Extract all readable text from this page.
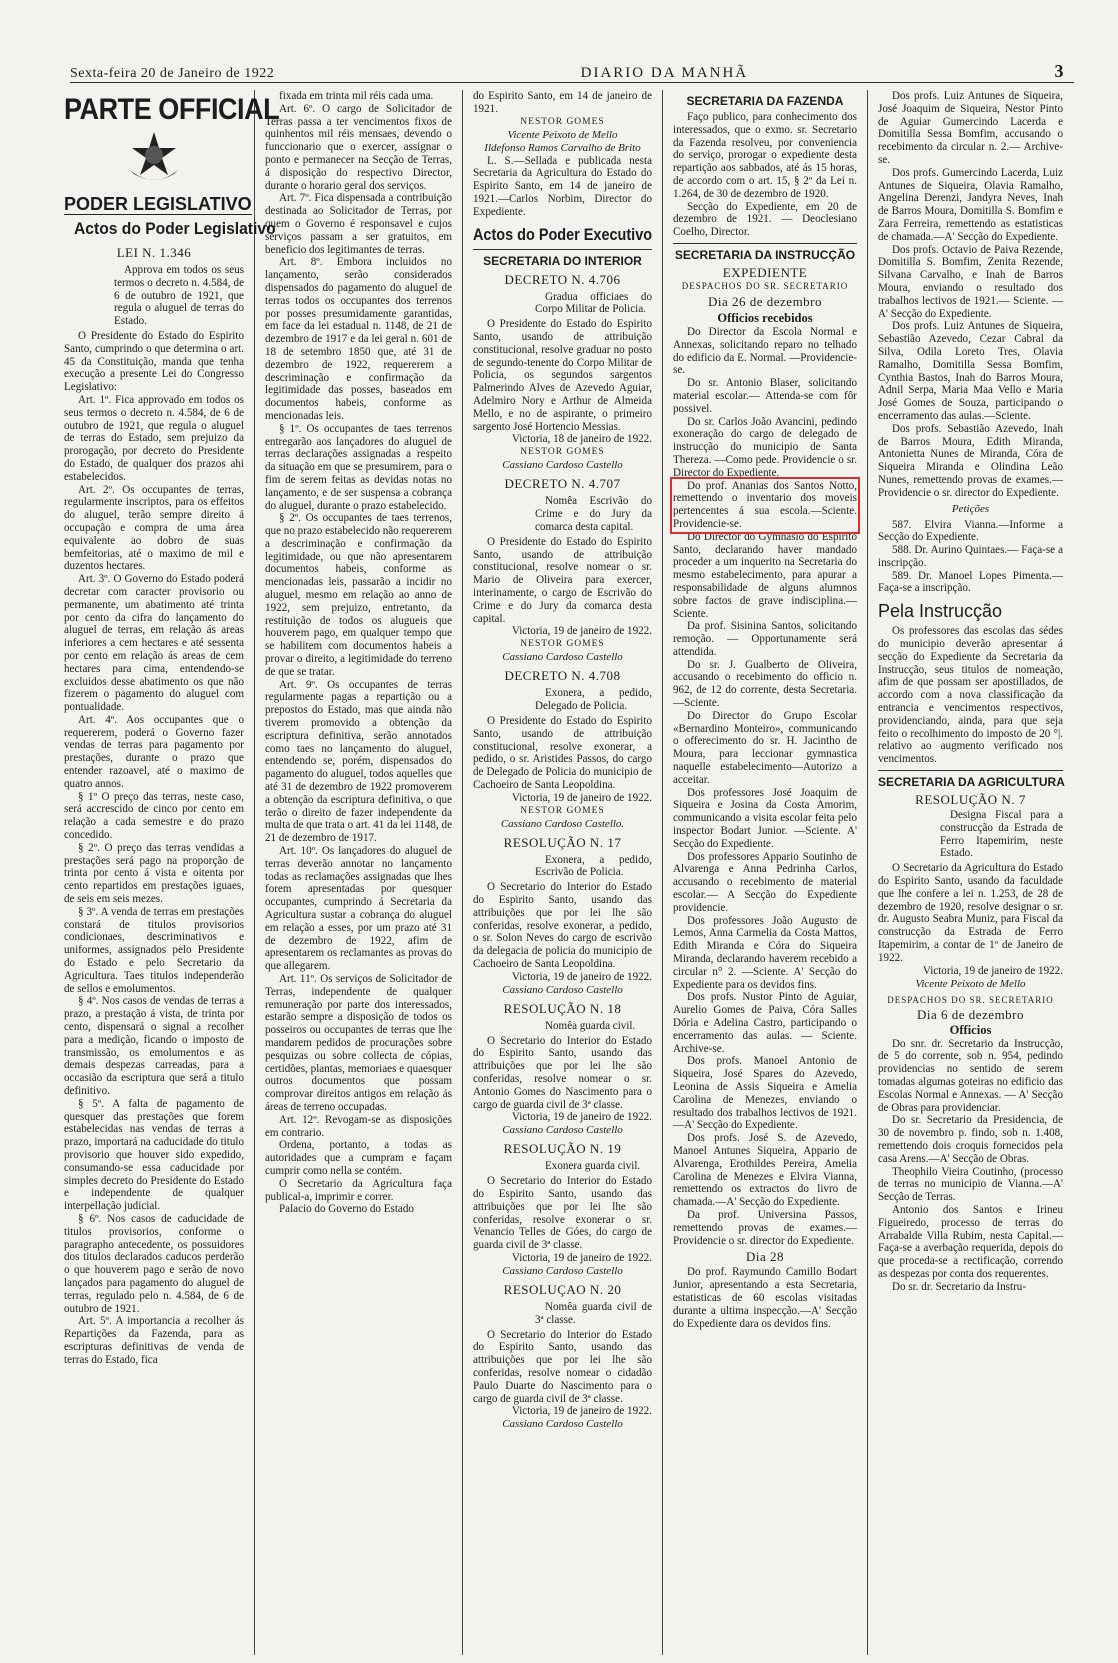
Sexta-feira 20 de Janeiro de 1922	DIARIO DA MANHÃ	3
PARTE OFFICIAL
PODER LEGISLATIVO
Actos do Poder Legislativo
LEI N. 1.346
Approva em todos os seus termos o decreto n. 4.584, de 6 de outubro de 1921, que regula o aluguel de terras do Estado.

O Presidente do Estado do Espirito Santo, cumprindo o que determina o art. 45 da Constituição, manda que tenha execução a presente Lei do Congresso Legislativo:

Art. 1º. Fica approvado em todos os seus termos o decreto n. 4.584, de 6 de outubro de 1921, que regula o aluguel de terras do Estado, sem prejuizo da prorogação, por decreto do Presidente do Estado, de qualquer dos prazos ahi estabelecidos.

Art. 2º. Os occupantes de terras, regularmente inscriptos, para os effeitos do aluguel, terão sempre direito á occupação e compra de uma área equivalente ao dobro de suas bemfeitorias, até o maximo de mil e duzentos hectares.

Art. 3º. O Governo do Estado poderá decretar com caracter provisorio ou permanente, um abatimento até trinta por cento da cifra do lançamento do aluguel de terras, em relação ás areas inferiores a cem hectares e até sessenta por cento em relação ás areas de cem hectares para cima, entendendo-se excluidos desse abatimento os que não fizerem o pagamento do aluguel com pontualidade.

Art. 4º. Aos occupantes que o requererem, poderá o Governo fazer vendas de terras para pagamento por prestações, durante o prazo que entender razoavel, até o maximo de quatro annos.

§ 1º O preço das terras, neste caso, será accrescido de cinco por cento em relação a cada semestre e do prazo concedido.

§ 2º. O preço das terras vendidas a prestações será pago na proporção de trinta por cento á vista e oitenta por cento repartidos em prestações iguaes, de seis em seis mezes.

§ 3º. A venda de terras em prestações constará de titulos provisorios condicionaes, descriminativos e uniformes, assignados pelo Presidente do Estado e pelo Secretario da Agricultura. Taes titulos independerão de sellos e emolumentos.

§ 4º. Nos casos de vendas de terras a prazo, a prestação á vista, de trinta por cento, dispensará o signal a recolher para a medição, ficando o imposto de transmissão, os emolumentos e as demais despezas carreadas, para a occasião da escriptura que será a titulo definitivo.

§ 5º. A falta de pagamento de quesquer das prestações que forem estabelecidas nas vendas de terras a prazo, importará na caducidade do titulo provisorio que houver sido expedido, consumando-se essa caducidade por simples decreto do Presidente do Estado e independente de qualquer interpellação judicial.

§ 6º. Nos casos de caducidade de titulos provisorios, conforme o paragrapho antecedente, os possuidores dos titulos declarados caducos perderão o que houverem pago e serão de novo lançados para pagamento do aluguel de terras, regulado pelo n. 4.584, de 6 de outubro de 1921.

Art. 5º. A importancia a recolher ás Repartições da Fazenda, para as escripturas definitivas de venda de terras do Estado, fica

fixada em trinta mil réis cada uma.

Art. 6º. O cargo de Solicitador de Terras passa a ter vencimentos fixos de quinhentos mil réis mensaes, devendo o funccionario que o exercer, assignar o ponto e permanecer na Secção de Terras, á disposição do respectivo Director, durante o horario geral dos serviços.

Art. 7º. Fica dispensada a contribuição destinada ao Solicitador de Terras, por quem o Governo é responsavel e cujos serviços passam a ser gratuitos, em beneficio dos legitimantes de terras.

Art. 8º. Embora incluidos no lançamento, serão considerados dispensados do pagamento do aluguel de terras todos os occupantes dos terrenos por posses presumidamente garantidas, em face da lei estadual n. 1148, de 21 de dezembro de 1917 e da lei geral n. 601 de 18 de setembro 1850 que, até 31 de dezembro de 1922, requererem a descriminação e confirmação da legitimidade das posses, baseados em documentos habeis, conforme as mencionadas leis.

§ 1º. Os occupantes de taes terrenos entregarão aos lançadores do aluguel de terras declarações assignadas a respeito da situação em que se presumirem, para o fim de serem feitas as devidas notas no lançamento, e de ser suspensa a cobrança do aluguel, durante o prazo estabelecido.

§ 2º. Os occupantes de taes terrenos, que no prazo estabelecido não requererem a descriminação e confirmação da legitimidade, ou que não apresentarem documentos habeis, conforme as mencionadas leis, passarão a incidir no aluguel, mesmo em relação ao anno de 1922, sem prejuizo, entretanto, da restituição de todos os alugueis que houverem pago, em qualquer tempo que se habilitem com documentos habeis a provar o direito, a legitimidade do terreno de que se tratar.

Art. 9º. Os occupantes de terras regularmente pagas a repartição ou a prepostos do Estado, mas que ainda não tiverem promovido a obtenção da escriptura definitiva, serão annotados como taes no lançamento do aluguel, entendendo se, porém, dispensados do pagamento do aluguel, todos aquelles que até 31 de dezembro de 1922 promoverem a obtenção da escriptura definitiva, o que terão o direito de fazer independente da multa de que trata o art. 41 da lei 1148, de 21 de dezembro de 1917.

Art. 10º. Os lançadores do aluguel de terras deverão annotar no lançamento todas as reclamações assignadas que lhes forem apresentadas por quesquer occupantes, cumprindo á Secretaria da Agricultura sustar a cobrança do aluguel em relação a esses, por um prazo até 31 de dezembro de 1922, afim de apresentarem os reclamantes as provas do que allegarem.

Art. 11º. Os serviços de Solicitador de Terras, independente de qualquer remuneração por parte dos interessados, estarão sempre a disposição de todos os posseiros ou occupantes de terras que lhe mandarem pedidos de procurações sobre pesquizas ou sobre collecta de cópias, certidões, plantas, memoriaes e quaesquer outros documentos que possam comprovar direitos antigos em relação ás áreas de terreno occupadas.

Art. 12º. Revogam-se as disposições em contrario.

Ordena, portanto, a todas as autoridades que a cumpram e façam cumprir como nella se contém.

O Secretario da Agricultura faça publical-a, imprimir e correr.

Palacio do Governo do Estado

do Espirito Santo, em 14 de janeiro de 1921.

NESTOR GOMES
Vicente Peixoto de Mello
Ildefonso Ramos Carvalho de Brito

L. S.—Sellada e publicada nesta Secretaria da Agricultura do Estado do Espirito Santo, em 14 de janeiro de 1921.—Carlos Norbim, Director do Expediente.

Actos do Poder Executivo
SECRETARIA DO INTERIOR
DECRETO N. 4.706
Gradua officiaes do Corpo Militar de Policia.

O Presidente do Estado do Espirito Santo, usando de attribuição constitucional, resolve graduar no posto de segundo-tenente do Corpo Militar de Policia, os segundos sargentos Palmerindo Alves de Azevedo Aguiar, Adelmiro Nory e Arthur de Almeida Mello, e no de aspirante, o primeiro sargento José Hortencio Messias.

Victoria, 18 de janeiro de 1922.
NESTOR GOMES
Cassiano Cardoso Castello
DECRETO N. 4.707
Nomêa Escrivão do Crime e do Jury da comarca desta capital.

O Presidente do Estado do Espirito Santo, usando de attribuição constitucional, resolve nomear o sr. Mario de Oliveira para exercer, interinamente, o cargo de Escrivão do Crime e do Jury da comarca desta capital.

Victoria, 19 de janeiro de 1922.
NESTOR GOMES
Cassiano Cardoso Castello
DECRETO N. 4.708
Exonera, a pedido, Delegado de Policia.

O Presidente do Estado do Espirito Santo, usando de attribuição constitucional, resolve exonerar, a pedido, o sr. Aristides Passos, do cargo de Delegado de Policia do municipio de Cachoeiro de Santa Leopoldina.

Victoria, 19 de janeiro de 1922.
NESTOR GOMES
Cassiano Cardoso Castello.
RESOLUÇÃO N. 17
Exonera, a pedido, Escrivão de Policia.

O Secretario do Interior do Estado do Espirito Santo, usando das attribuições que por lei lhe são conferidas, resolve exonerar, a pedido, o sr. Solon Neves do cargo de escrivão da delegacia de policia do municipio de Cachoeiro de Santa Leopoldina.

Victoria, 19 de janeiro de 1922.
Cassiano Cardoso Castello
RESOLUÇÃO N. 18
Nomêa guarda civil.

O Secretario do Interior do Estado do Espirito Santo, usando das attribuições que por lei lhe são conferidas, resolve nomear o sr. Antonio Gomes do Nascimento para o cargo de guarda civil de 3ª classe.

Victoria, 19 de janeiro de 1922.
Cassiano Cardoso Castello
RESOLUÇÃO N. 19
Exonera guarda civil.

O Secretario do Interior do Estado do Espirito Santo, usando das attribuições que por lei lhe são conferidas, resolve exonerar o sr. Venancio Telles de Góes, do cargo de guarda civil de 3ª classe.

Victoria, 19 de janeiro de 1922.
Cassiano Cardoso Castello
RESOLUÇAO N. 20
Nomêa guarda civil de 3ª classe.

O Secretario do Interior do Estado do Espirito Santo, usando das attribuições que por lei lhe são conferidas, resolve nomear o cidadão Paulo Duarte do Nascimento para o cargo de guarda civil de 3ª classe.

Victoria, 19 de janeiro de 1922.
Cassiano Cardoso Castello
SECRETARIA DA FAZENDA

Faço publico, para conhecimento dos interessados, que o exmo. sr. Secretario da Fazenda resolveu, por conveniencia do serviço, prorogar o expediente desta repartição aos sabbados, até ás 15 horas, de accordo com o art. 15, § 2º da Lei n. 1.264, de 30 de dezembro de 1920.

Secção do Expediente, em 20 de dezembro de 1921. — Deoclesiano Coelho, Director.

SECRETARIA DA INSTRUCÇÃO
EXPEDIENTE
DESPACHOS DO SR. SECRETARIO
Dia 26 de dezembro
Officios recebidos

Do Director da Escola Normal e Annexas, solicitando reparo no telhado do edificio da E. Normal. —Providencie-se.

Do sr. Antonio Blaser, solicitando material escolar.— Attenda-se com fôr possivel.

Do sr. Carlos João Avancini, pedindo exoneração do cargo de delegado de instrucção do municipio de Santa Thereza. —Como pede. Providencie o sr. Director do Expediente.

Do prof. Ananias dos Santos Notto, remettendo o inventario dos moveis pertencentes á sua escola.—Sciente. Providencie-se.

Do Director do Gymnasio do Espirito Santo, declarando haver mandado proceder a um inquerito na Secretaria do mesmo estabelecimento, para apurar a responsabilidade de alguns alumnos sobre factos de grave indisciplina.—Sciente.

Da prof. Sisinina Santos, solicitando remoção. — Opportunamente será attendida.

Do sr. J. Gualberto de Oliveira, accusando o recebimento do officio n. 962, de 12 do corrente, desta Secretaria.—Sciente.

Do Director do Grupo Escolar «Bernardino Monteiro», communicando o offerecimento do sr. H. Jacintho de Moura, para leccionar gymnastica naquelle estabelecimento—Autorizo a acceitar.

Dos professores José Joaquim de Siqueira e Josina da Costa Amorim, communicando a visita escolar feita pelo inspector Bodart Junior. —Sciente. A' Secção do Expediente.

Dos professores Appario Soutinho de Alvarenga e Anna Pedrinha Carlos, accusando o recebimento de material escolar.— A Secção do Expediente providencie.

Dos professores João Augusto de Lemos, Anna Carmelia da Costa Mattos, Edith Miranda e Córa do Siqueira Miranda, declarando haverem recebido a circular n° 2. —Sciente. A' Secção do Expediente para os devidos fins.

Dos profs. Nustor Pinto de Aguiar, Aurelio Gomes de Paiva, Córa Salles Dória e Adelina Castro, participando o encerramento das aulas. — Sciente. Archive-se.

Dos profs. Manoel Antonio de Siqueira, José Spares do Azevedo, Leonina de Assis Siqueira e Amelia Carolina de Menezes, enviando o resultado dos trabalhos lectivos de 1921.—A' Secção do Expediente.

Dos profs. José S. de Azevedo, Manoel Antunes Siqueira, Appario de Alvarenga, Erothildes Pereira, Amelia Carolina de Menezes e Elvira Vianna, remettendo os extractos do livro de chamada.—A' Secção do Expediente.

Da prof. Universina Passos, remettendo provas de exames.— Providencie o sr. director do Expediente.

Dia 28

Do prof. Raymundo Camillo Bodart Junior, apresentando a esta Secretaria, estatisticas de 60 escolas visitadas durante a ultima inspecção.—A' Secção do Expediente dara os devidos fins.

Dos profs. Luiz Antunes de Siqueira, José Joaquim de Siqueira, Nestor Pinto de Aguiar Gumercindo Lacerda e Domitilla Sessa Bomfim, accusando o recebimento da circular n. 2.— Archive-se.

Dos profs. Gumercindo Lacerda, Luiz Antunes de Siqueira, Olavia Ramalho, Angelina Derenzi, Jandyra Neves, Inah de Barros Moura, Domitilla S. Bomfim e Zara Ferreira, remettendo as estatisticas de chamada.—A' Secção do Expediente.

Dos profs. Octavio de Paiva Rezende, Domitilla S. Bomfim, Zenita Rezende, Silvana Carvalho, e Inah de Barros Moura, enviando o resultado dos trabalhos lectivos de 1921.— Sciente. —A' Secção do Expediente.

Dos profs. Luiz Antunes de Siqueira, Sebastião Azevedo, Cezar Cabral da Silva, Odila Loreto Tres, Olavia Ramalho, Domitilla Sessa Bomfim, Cynthia Bastos, Inah do Barros Moura, Adnil Serpa, Maria Maa Vello e Maria José Gomes de Souza, participando o encerramento das aulas.—Sciente.

Dos profs. Sebastião Azevedo, Inah de Barros Moura, Edith Miranda, Antonietta Nunes de Miranda, Córa de Siqueira Miranda e Olindina Leão Nunes, remettendo provas de exames.— Providencie o sr. director do Expediente.

Petições

587. Elvira Vianna.—Informe a Secção do Expediente.

588. Dr. Aurino Quintaes.— Faça-se a inscripção.

589. Dr. Manoel Lopes Pimenta.—Faça-se a inscripção.

Pela Instrucção

Os professores das escolas das sédes do municipio deverão apresentar á secção do Expediente da Secretaria da Instrucção, seus titulos de nomeação, afim de que possam ser apostillados, de accordo com a nova classificação da entrancia e vencimentos respectivos, providenciando, ainda, para que seja feito o recolhimento do imposto de 20 °|. relativo ao augmento verificado nos vencimentos.

SECRETARIA DA AGRICULTURA
RESOLUÇÃO N. 7
Designa Fiscal para a construcção da Estrada de Ferro Itapemirim, neste Estado.

O Secretario da Agricultura do Estado do Espirito Santo, usando da faculdade que lhe confere a lei n. 1.253, de 28 de dezembro de 1920, resolve designar o sr. dr. Augusto Seabra Muniz, para Fiscal da construcção da Estrada de Ferro Itapemirim, a contar de 1º de Janeiro de 1922.

Victoria, 19 de janeiro de 1922.
Vicente Peixoto de Mello
DESPACHOS DO SR. SECRETARIO
Dia 6 de dezembro
Officios

Do snr. dr. Secretario da Instrucção, de 5 do corrente, sob n. 954, pedindo providencias no sentido de serem tomadas algumas goteiras no edificio das Escolas Normal e Annexas. — A' Secção de Obras para providenciar.

Do sr. Secretario da Presidencia, de 30 de novembro p. findo, sob n. 1.408, remettendo dois croquis fornecidos pela casa Arens.—A' Secção de Obras.

Theophilo Vieira Coutinho, (processo de terras no municipio de Vianna.—A' Secção de Terras.

Antonio dos Santos e Irineu Figueiredo, processo de terras do Arrabalde Villa Rubim, nesta Capital.—Faça-se a averbação requerida, depois do que proceda-se a rectificação, correndo as despezas por conta dos requerentes.

Do sr. dr. Secretario da Instru-
